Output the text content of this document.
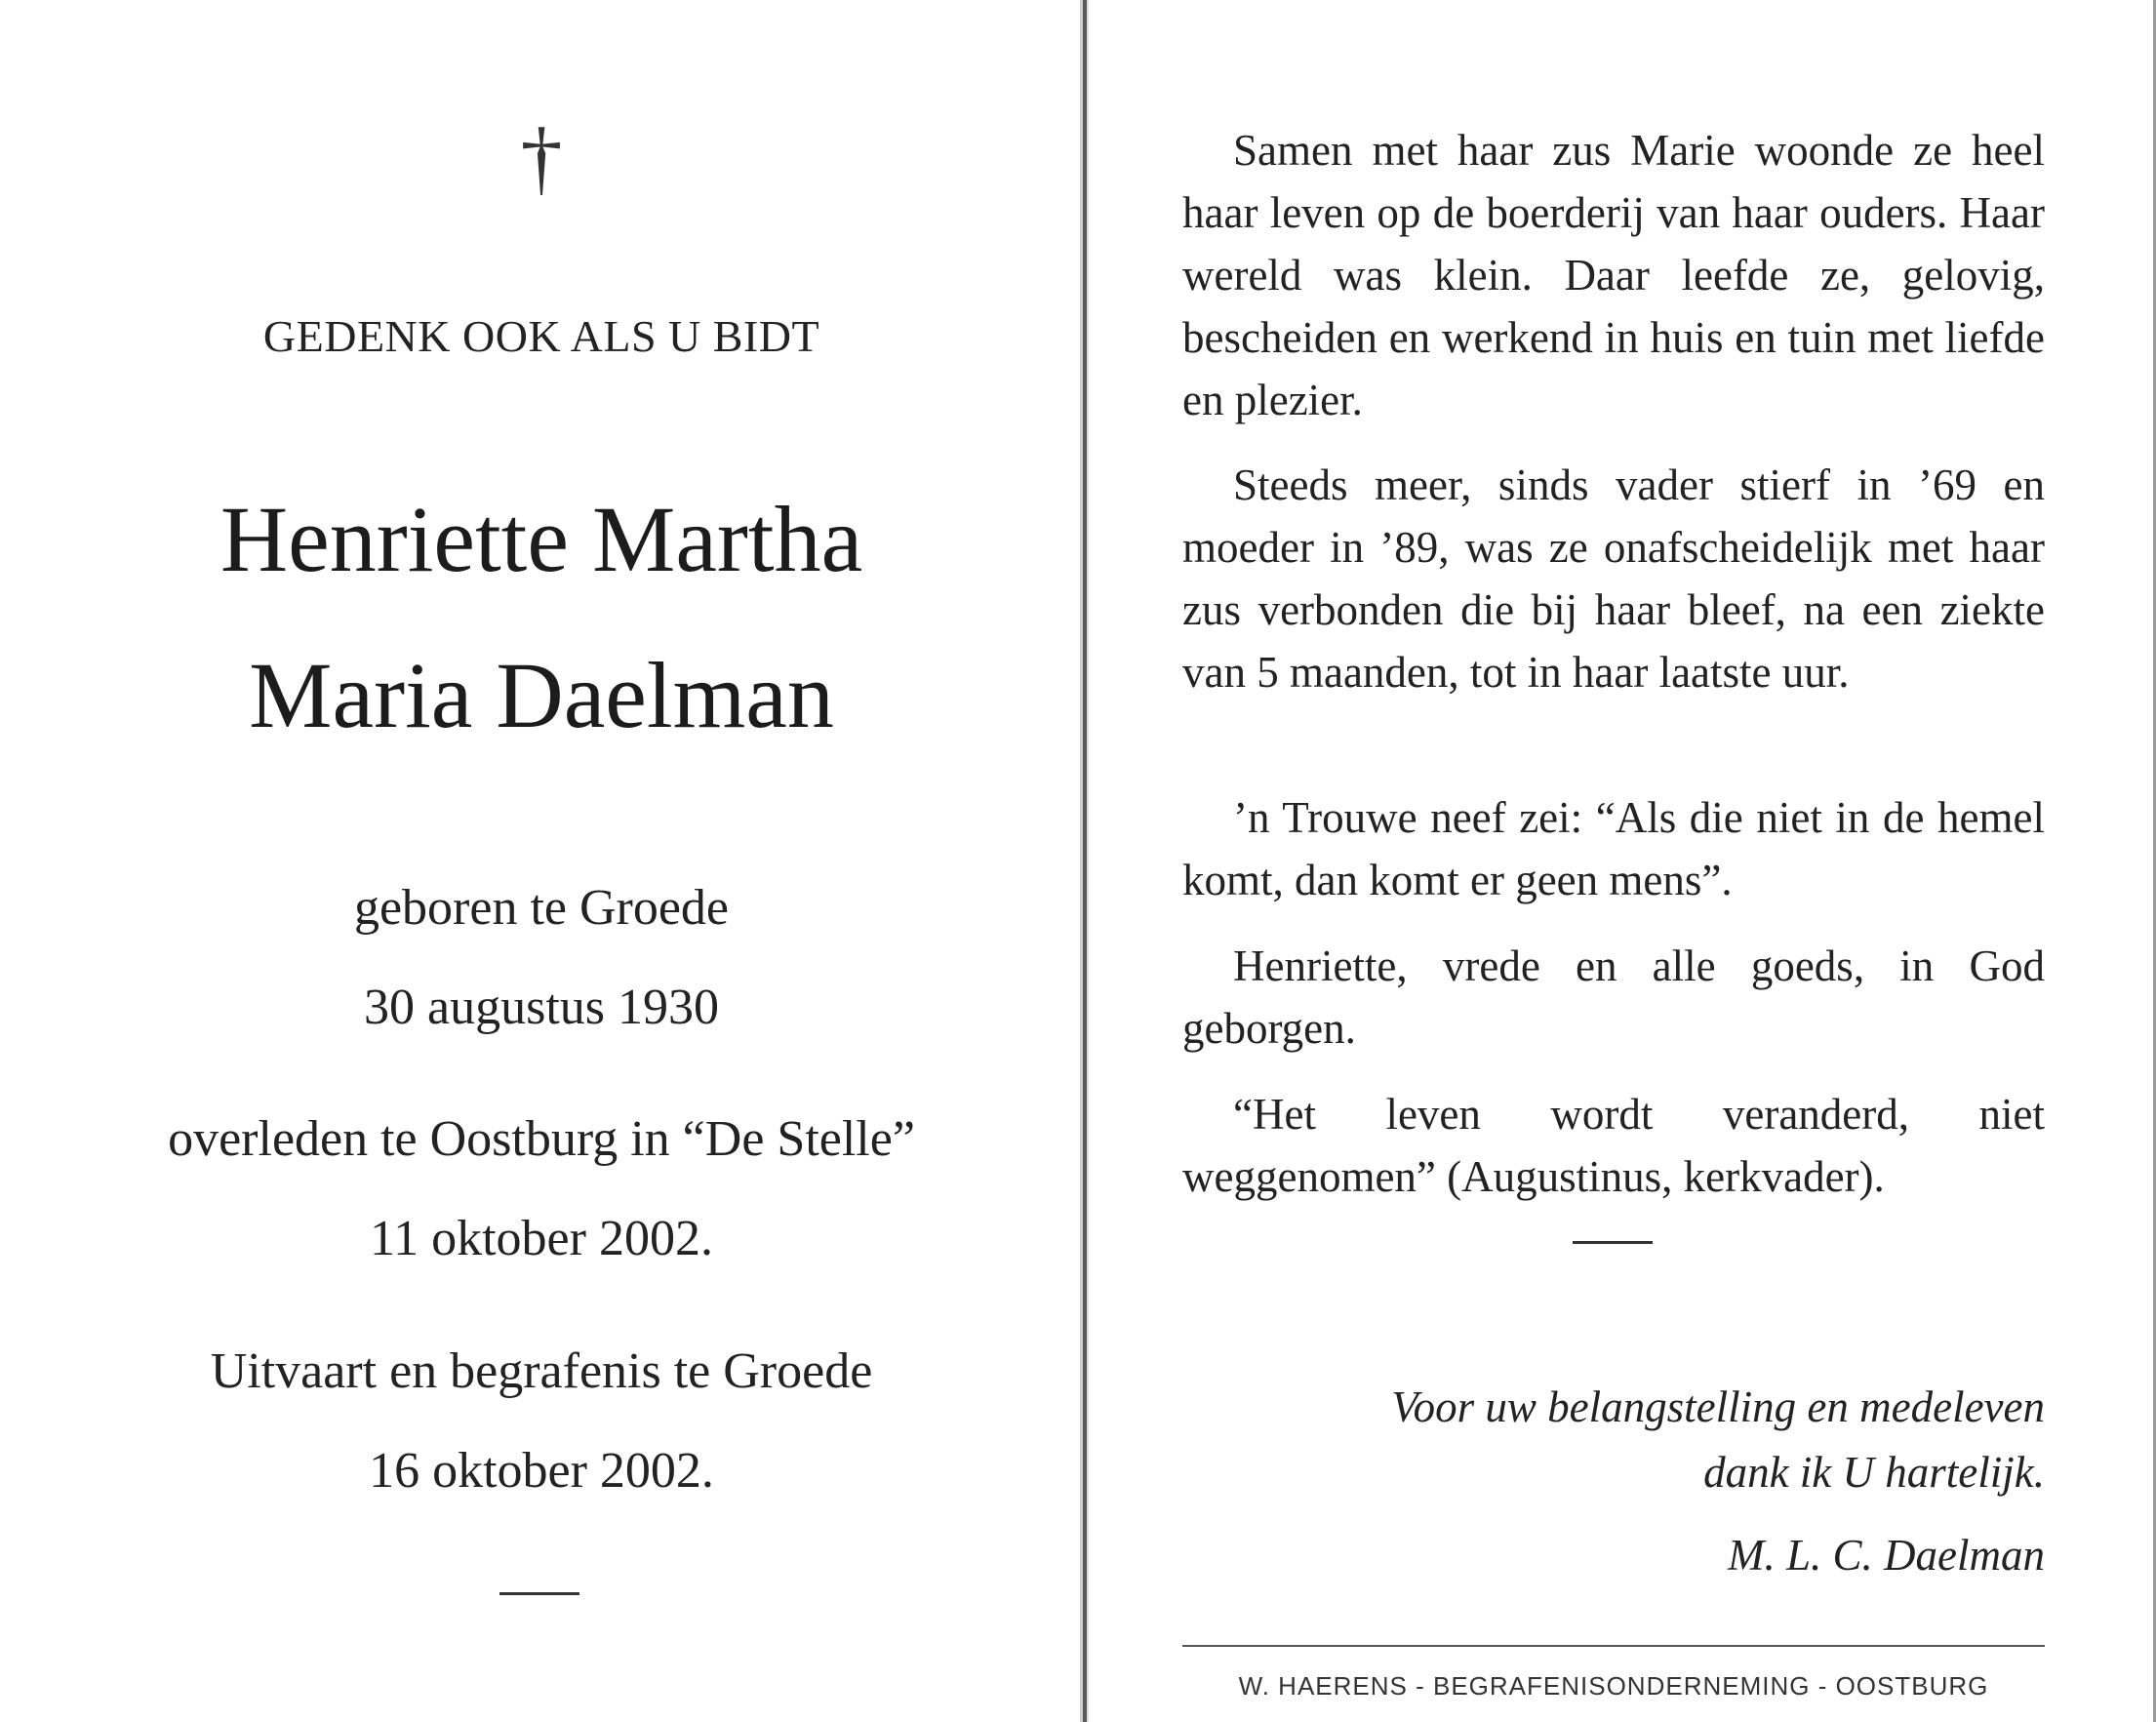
†
GEDENK OOK ALS U BIDT
Henriette Martha
Maria Daelman
geboren te Groede
30 augustus 1930
overleden te Oostburg in “De Stelle”
11 oktober 2002.
Uitvaart en begrafenis te Groede
16 oktober 2002.

Samen met haar zus Marie woonde ze heel haar leven op de boerderij van haar ouders. Haar wereld was klein. Daar leefde ze, gelovig, bescheiden en werkend in huis en tuin met liefde en plezier.

Steeds meer, sinds vader stierf in ’69 en moeder in ’89, was ze onafscheidelijk met haar zus verbonden die bij haar bleef, na een ziekte van 5 maanden, tot in haar laatste uur.

’n Trouwe neef zei: “Als die niet in de hemel komt, dan komt er geen mens”.

Henriette, vrede en alle goeds, in God geborgen.

“Het leven wordt veranderd, niet weggenomen” (Augustinus, kerkvader).

Voor uw belangstelling en medeleven
dank ik U hartelijk.
M. L. C. Daelman
W. HAERENS - BEGRAFENISONDERNEMING - OOSTBURG
